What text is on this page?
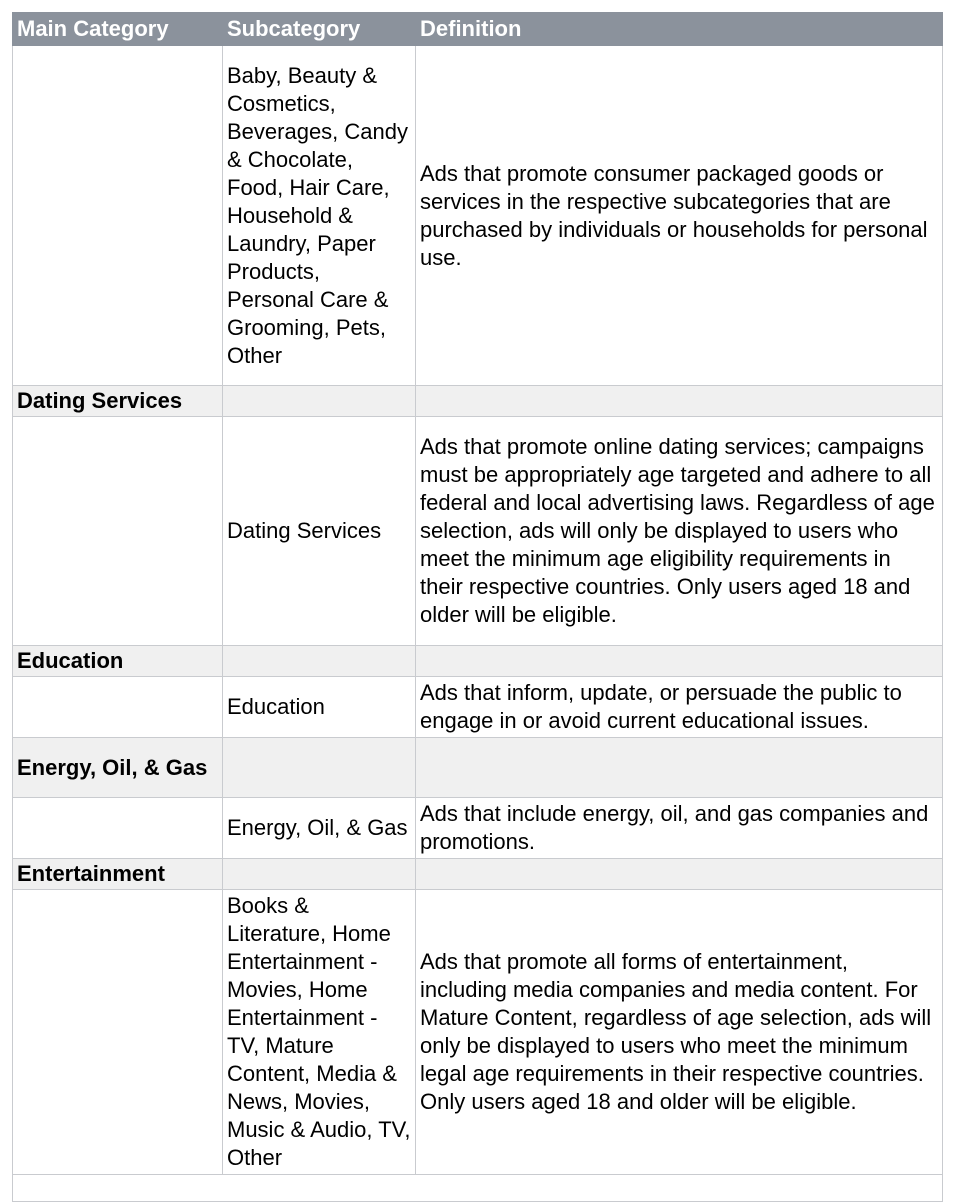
Main Category	Subcategory	Definition
	Baby, Beauty & Cosmetics, Beverages, Candy & Chocolate, Food, Hair Care, Household & Laundry, Paper Products, Personal Care & Grooming, Pets, Other	Ads that promote consumer packaged goods or services in the respective subcategories that are purchased by individuals or households for personal use.
Dating Services		
	Dating Services	Ads that promote online dating services; campaigns must be appropriately age targeted and adhere to all federal and local advertising laws. Regardless of age selection, ads will only be displayed to users who meet the minimum age eligibility requirements in their respective countries. Only users aged 18 and older will be eligible.
Education		
	Education	Ads that inform, update, or persuade the public to engage in or avoid current educational issues.
Energy, Oil, & Gas		
	Energy, Oil, & Gas	Ads that include energy, oil, and gas companies and promotions.
Entertainment		
	Books & Literature, Home Entertainment - Movies, Home Entertainment - TV, Mature Content, Media & News, Movies, Music & Audio, TV, Other	Ads that promote all forms of entertainment, including media companies and media content. For Mature Content, regardless of age selection, ads will only be displayed to users who meet the minimum legal age requirements in their respective countries. Only users aged 18 and older will be eligible.
